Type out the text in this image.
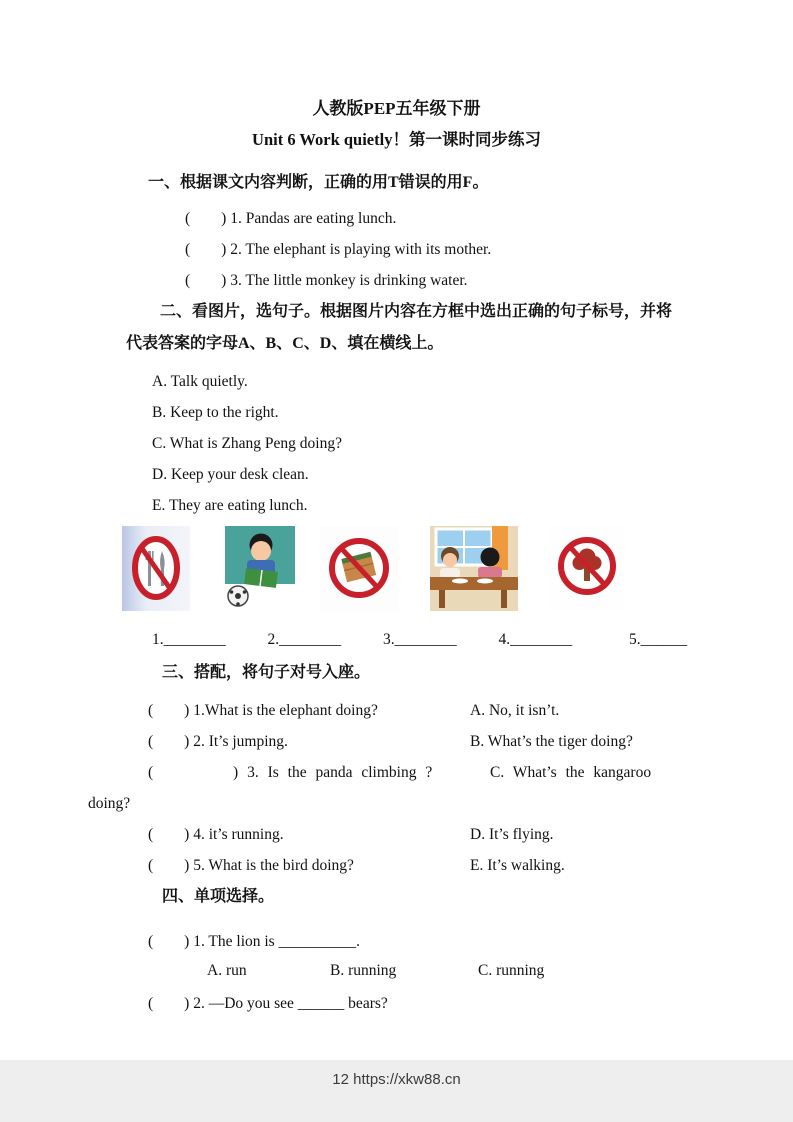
人教版PEP五年级下册

Unit 6 Work quietly！第一课时同步练习

一、根据课文内容判断，正确的用T错误的用F。

(        ) 1. Pandas are eating lunch.

(        ) 2. The elephant is playing with its mother.

(        ) 3. The little monkey is drinking water.

二、看图片，选句子。根据图片内容在方框中选出正确的句子标号，并将

代表答案的字母A、B、C、D、填在横线上。

A. Talk quietly.

B. Keep to the right.

C. What is Zhang Peng doing?

D. Keep your desk clean.

E. They are eating lunch.

1.________	2.________	3.________	4.________	5.______

三、搭配，将句子对号入座。

(        ) 1.What is the elephant doing?	A. No, it isn’t.
(        ) 2. It’s jumping.	B. What’s the tiger doing?
(         ) 3. Is the panda climbing ?	C. What’s the kangaroo

doing?

(        ) 4. it’s running.	D. It’s flying.
(        ) 5. What is the bird doing?	E. It’s walking.

四、单项选择。

(        ) 1. The lion is __________.

A. run	B. running	C. running

(        ) 2. —Do you see ______ bears?

12 https://xkw88.cn
